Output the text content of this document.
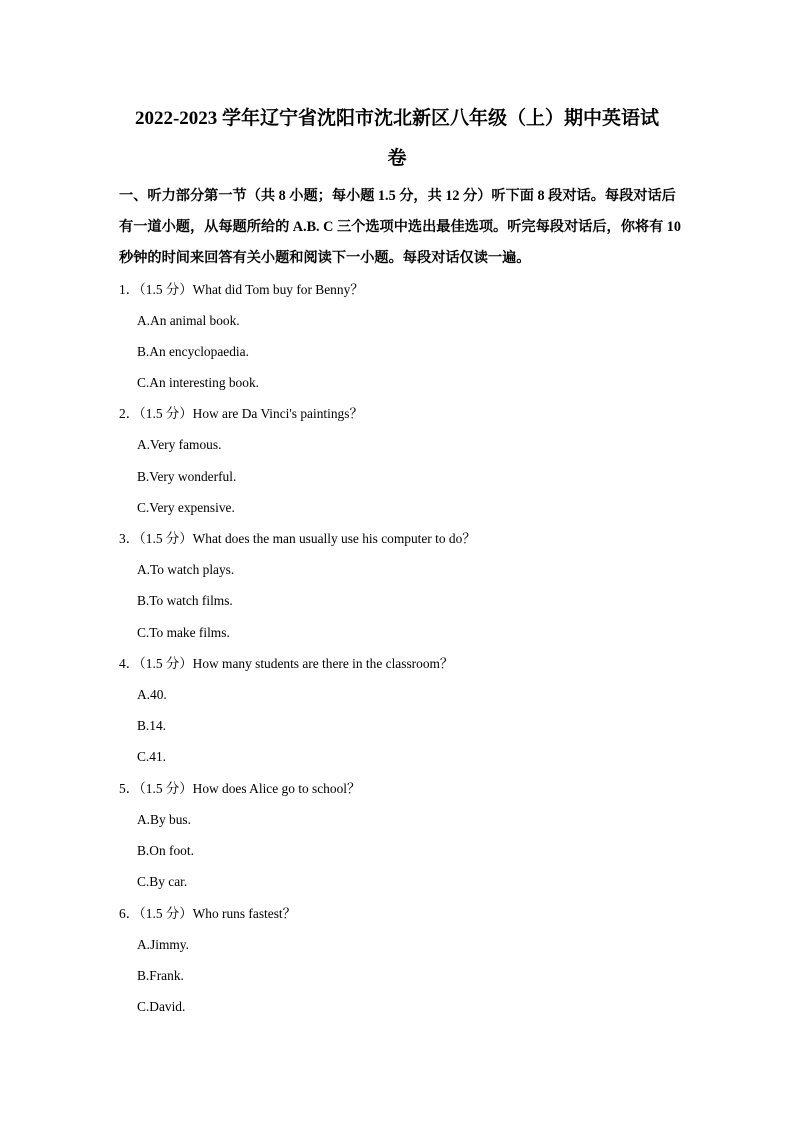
2022-2023 学年辽宁省沈阳市沈北新区八年级（上）期中英语试
卷
一、听力部分第一节（共 8 小题；每小题 1.5 分，共 12 分）听下面 8 段对话。每段对话后
有一道小题，从每题所给的 A.B. C 三个选项中选出最佳选项。听完每段对话后，你将有 10
秒钟的时间来回答有关小题和阅读下一小题。每段对话仅读一遍。
1．（1.5 分）What did Tom buy for Benny？
A.An animal book.
B.An encyclopaedia.
C.An interesting book.
2．（1.5 分）How are Da Vinci's paintings？
A.Very famous.
B.Very wonderful.
C.Very expensive.
3．（1.5 分）What does the man usually use his computer to do？
A.To watch plays.
B.To watch films.
C.To make films.
4．（1.5 分）How many students are there in the classroom？
A.40.
B.14.
C.41.
5．（1.5 分）How does Alice go to school？
A.By bus.
B.On foot.
C.By car.
6．（1.5 分）Who runs fastest？
A.Jimmy.
B.Frank.
C.David.
